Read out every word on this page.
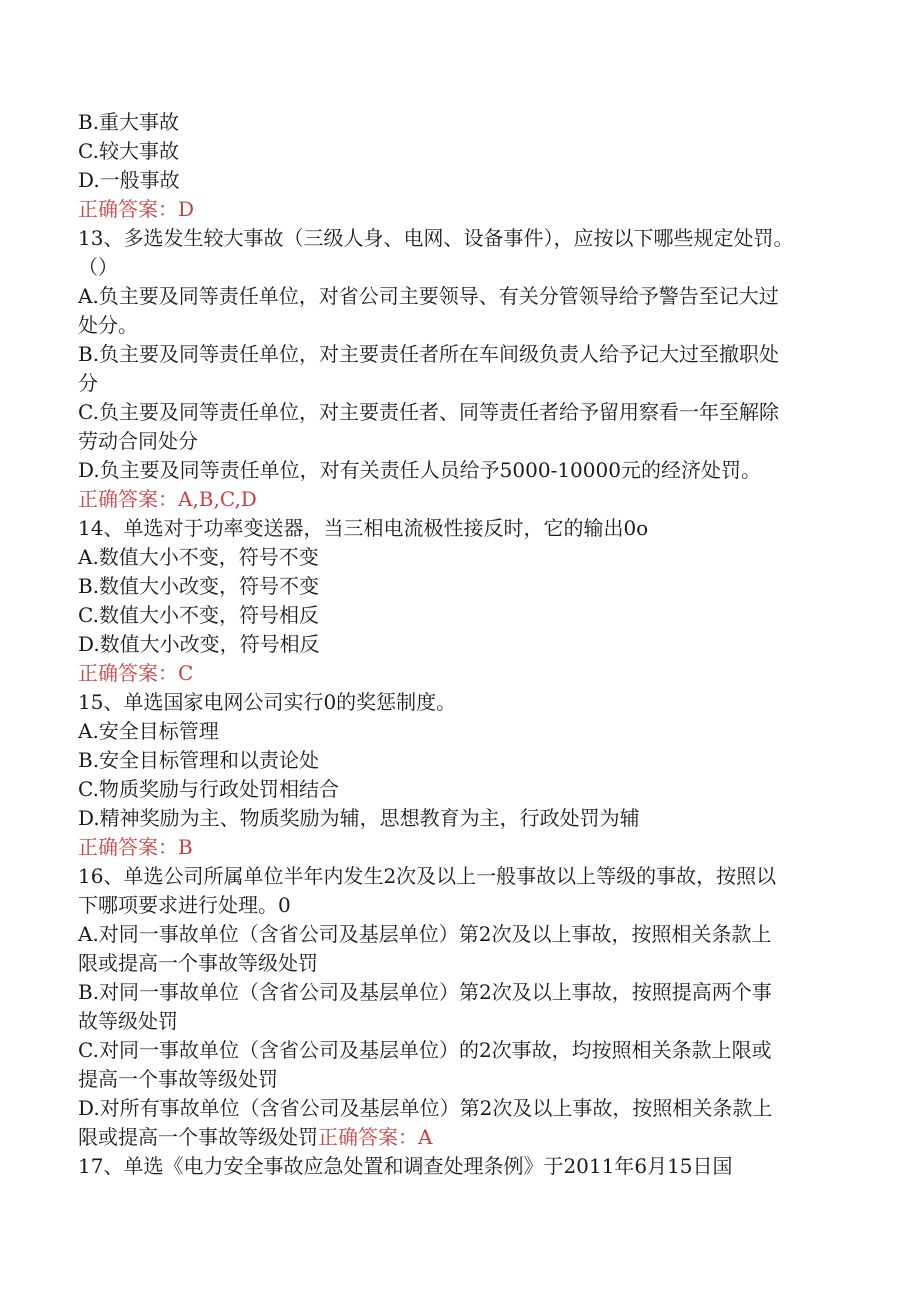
B.重大事故
C.较大事故
D.一般事故
正确答案：D
13、多选发生较大事故（三级人身、电网、设备事件），应按以下哪些规定处罚。
（）
A.负主要及同等责任单位，对省公司主要领导、有关分管领导给予警告至记大过
处分。
B.负主要及同等责任单位，对主要责任者所在车间级负责人给予记大过至撤职处
分
C.负主要及同等责任单位，对主要责任者、同等责任者给予留用察看一年至解除
劳动合同处分
D.负主要及同等责任单位，对有关责任人员给予5000-10000元的经济处罚。
正确答案：A,B,C,D
14、单选对于功率变送器，当三相电流极性接反时，它的输出0o
A.数值大小不变，符号不变
B.数值大小改变，符号不变
C.数值大小不变，符号相反
D.数值大小改变，符号相反
正确答案：C
15、单选国家电网公司实行0的奖惩制度。
A.安全目标管理
B.安全目标管理和以责论处
C.物质奖励与行政处罚相结合
D.精神奖励为主、物质奖励为辅，思想教育为主，行政处罚为辅
正确答案：B
16、单选公司所属单位半年内发生2次及以上一般事故以上等级的事故，按照以
下哪项要求进行处理。0
A.对同一事故单位（含省公司及基层单位）第2次及以上事故，按照相关条款上
限或提高一个事故等级处罚
B.对同一事故单位（含省公司及基层单位）第2次及以上事故，按照提高两个事
故等级处罚
C.对同一事故单位（含省公司及基层单位）的2次事故，均按照相关条款上限或
提高一个事故等级处罚
D.对所有事故单位（含省公司及基层单位）第2次及以上事故，按照相关条款上
限或提高一个事故等级处罚正确答案：A
17、单选《电力安全事故应急处置和调查处理条例》于2011年6月15日国
